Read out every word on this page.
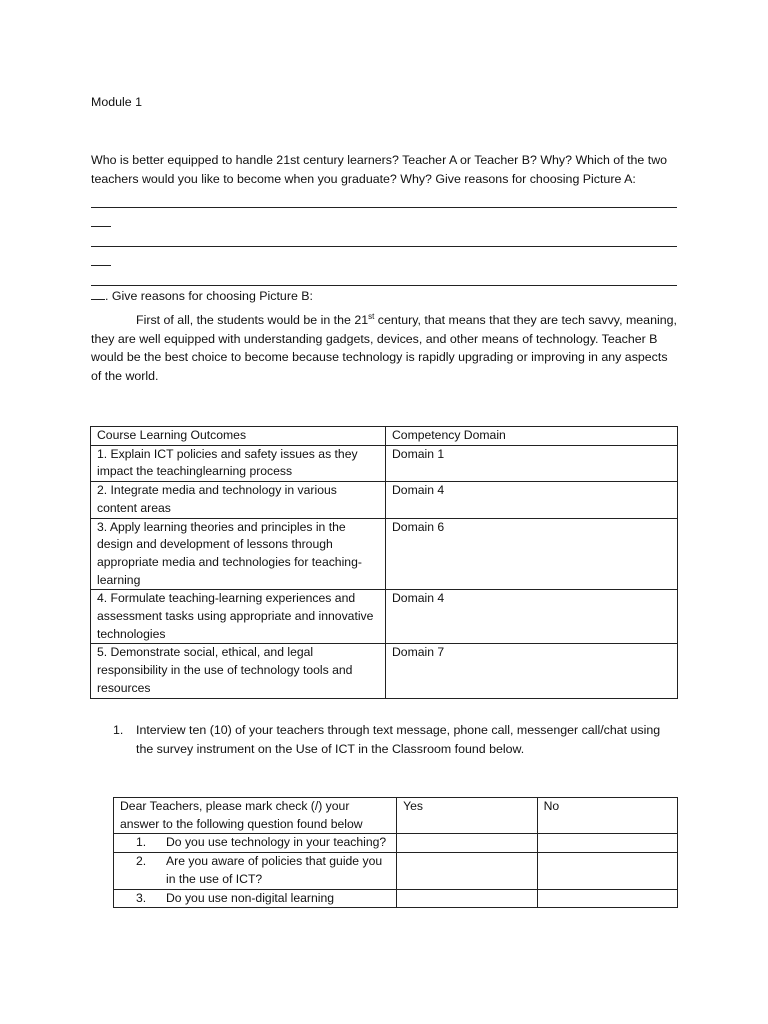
Module 1
Who is better equipped to handle 21st century learners? Teacher A or Teacher B? Why? Which of the two teachers would you like to become when you graduate? Why? Give reasons for choosing Picture A:
. Give reasons for choosing Picture B:
First of all, the students would be in the 21st century, that means that they are tech savvy, meaning, they are well equipped with understanding gadgets, devices, and other means of technology. Teacher B would be the best choice to become because technology is rapidly upgrading or improving in any aspects of the world.
Course Learning Outcomes	Competency Domain
1. Explain ICT policies and safety issues as they impact the teachinglearning process	Domain 1
2. Integrate media and technology in various content areas	Domain 4
3. Apply learning theories and principles in the design and development of lessons through appropriate media and technologies for teaching-learning	Domain 6
4. Formulate teaching-learning experiences and assessment tasks using appropriate and innovative technologies	Domain 4
5. Demonstrate social, ethical, and legal responsibility in the use of technology tools and resources	Domain 7
1. Interview ten (10) of your teachers through text message, phone call, messenger call/chat using the survey instrument on the Use of ICT in the Classroom found below.
Dear Teachers, please mark check (/) your answer to the following question found below	Yes	No

1. Do you use technology in your teaching?		

2. Are you aware of policies that guide you in the use of ICT?		

3. Do you use non-digital learning		
